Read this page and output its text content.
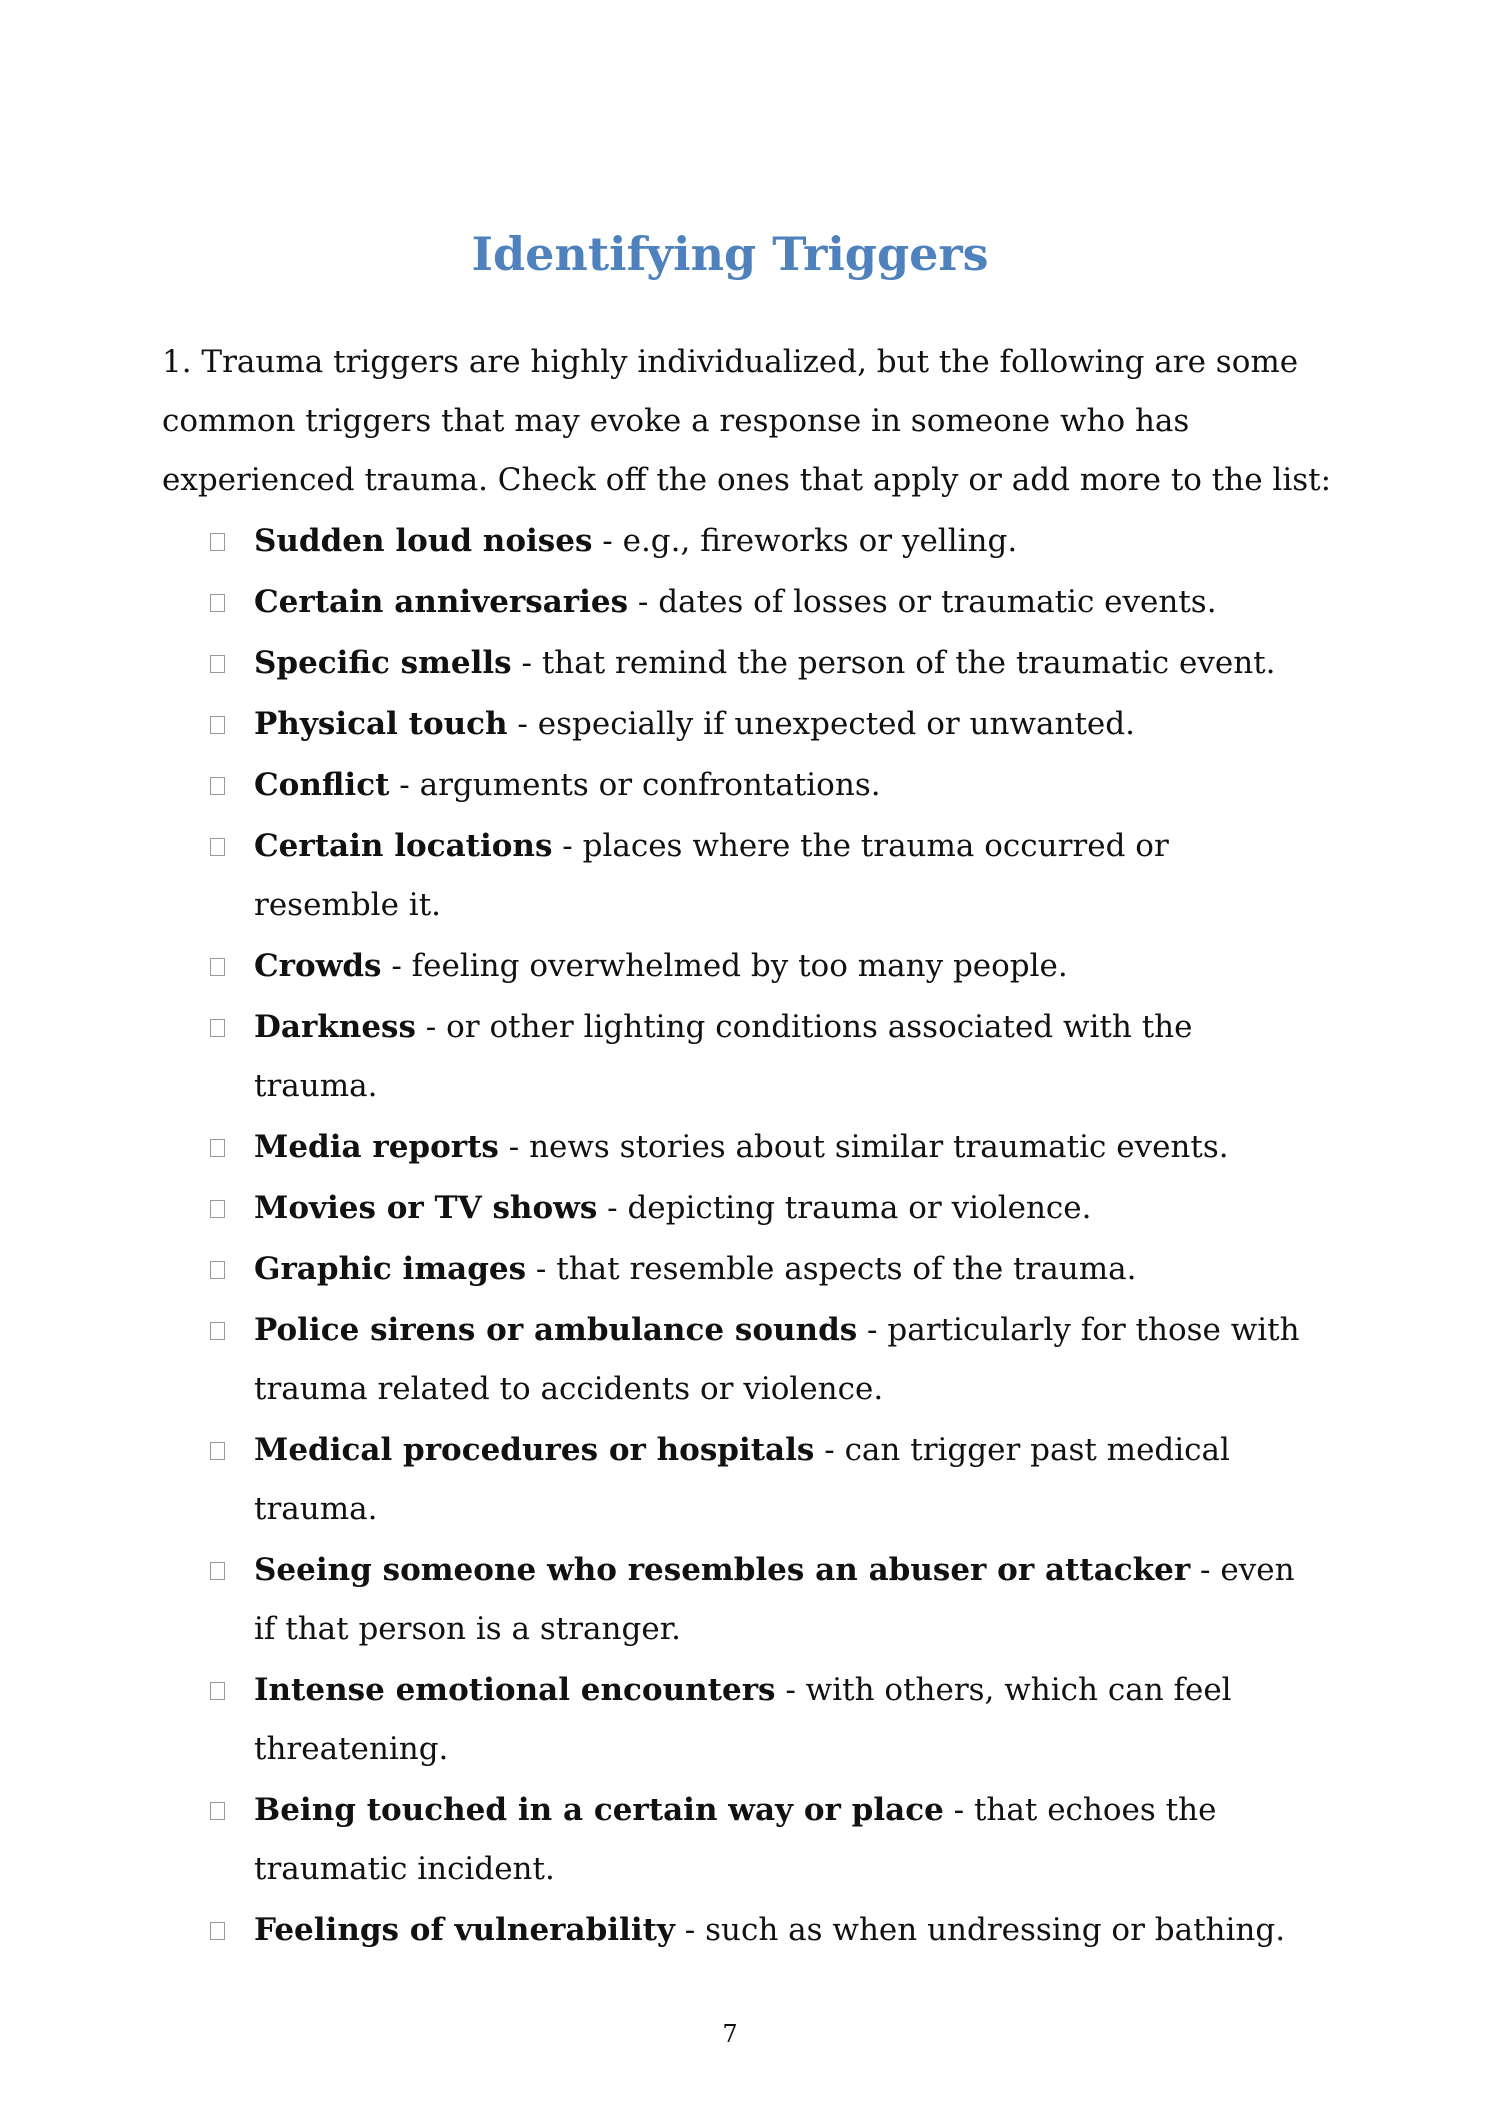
Identifying Triggers

1. Trauma triggers are highly individualized, but the following are some common triggers that may evoke a response in someone who has experienced trauma. Check off the ones that apply or add more to the list:

Sudden loud noises - e.g., fireworks or yelling.
Certain anniversaries - dates of losses or traumatic events.
Specific smells - that remind the person of the traumatic event.
Physical touch - especially if unexpected or unwanted.
Conflict - arguments or confrontations.
Certain locations - places where the trauma occurred or resemble it.
Crowds - feeling overwhelmed by too many people.
Darkness - or other lighting conditions associated with the trauma.
Media reports - news stories about similar traumatic events.
Movies or TV shows - depicting trauma or violence.
Graphic images - that resemble aspects of the trauma.
Police sirens or ambulance sounds - particularly for those with trauma related to accidents or violence.
Medical procedures or hospitals - can trigger past medical trauma.
Seeing someone who resembles an abuser or attacker - even if that person is a stranger.
Intense emotional encounters - with others, which can feel threatening.
Being touched in a certain way or place - that echoes the traumatic incident.
Feelings of vulnerability - such as when undressing or bathing.
7
